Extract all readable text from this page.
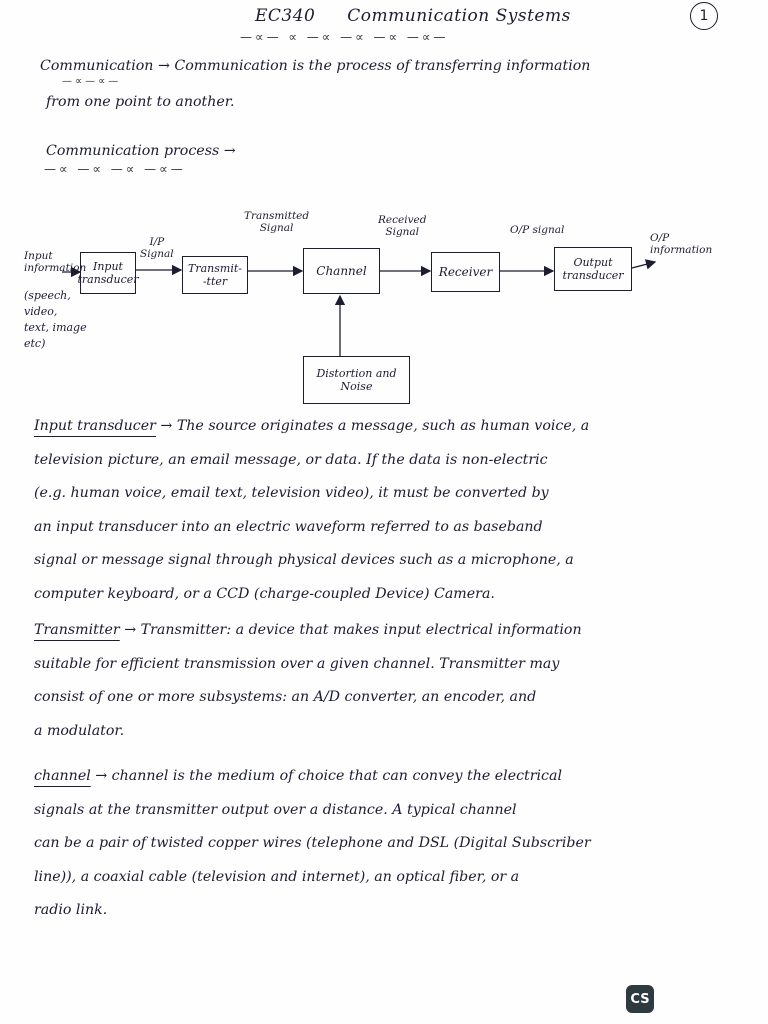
EC340 Communication Systems
—∝— ∝ —∝ —∝ —∝ —∝—
1
Communication → Communication is the process of transferring information
—∝—∝—
from one point to another.
Communication process →
—∝ —∝ —∝ —∝—
Input
information
(speech,
video,
text, image
etc)
Input
transducer
I/P
Signal
Transmit-
-tter
Transmitted
Signal
Channel
Received
Signal
Receiver
O/P signal
Output
transducer
O/P
information
Distortion and
Noise
Input transducer → The source originates a message, such as human voice, a
television picture, an email message, or data. If the data is non-electric
(e.g. human voice, email text, television video), it must be converted by
an input transducer into an electric waveform referred to as baseband
signal or message signal through physical devices such as a microphone, a
computer keyboard, or a CCD (charge-coupled Device) Camera.
Transmitter → Transmitter: a device that makes input electrical information
suitable for efficient transmission over a given channel. Transmitter may
consist of one or more subsystems: an A/D converter, an encoder, and
a modulator.
channel → channel is the medium of choice that can convey the electrical
signals at the transmitter output over a distance. A typical channel
can be a pair of twisted copper wires (telephone and DSL (Digital Subscriber
line)), a coaxial cable (television and internet), an optical fiber, or a
radio link.
CS
